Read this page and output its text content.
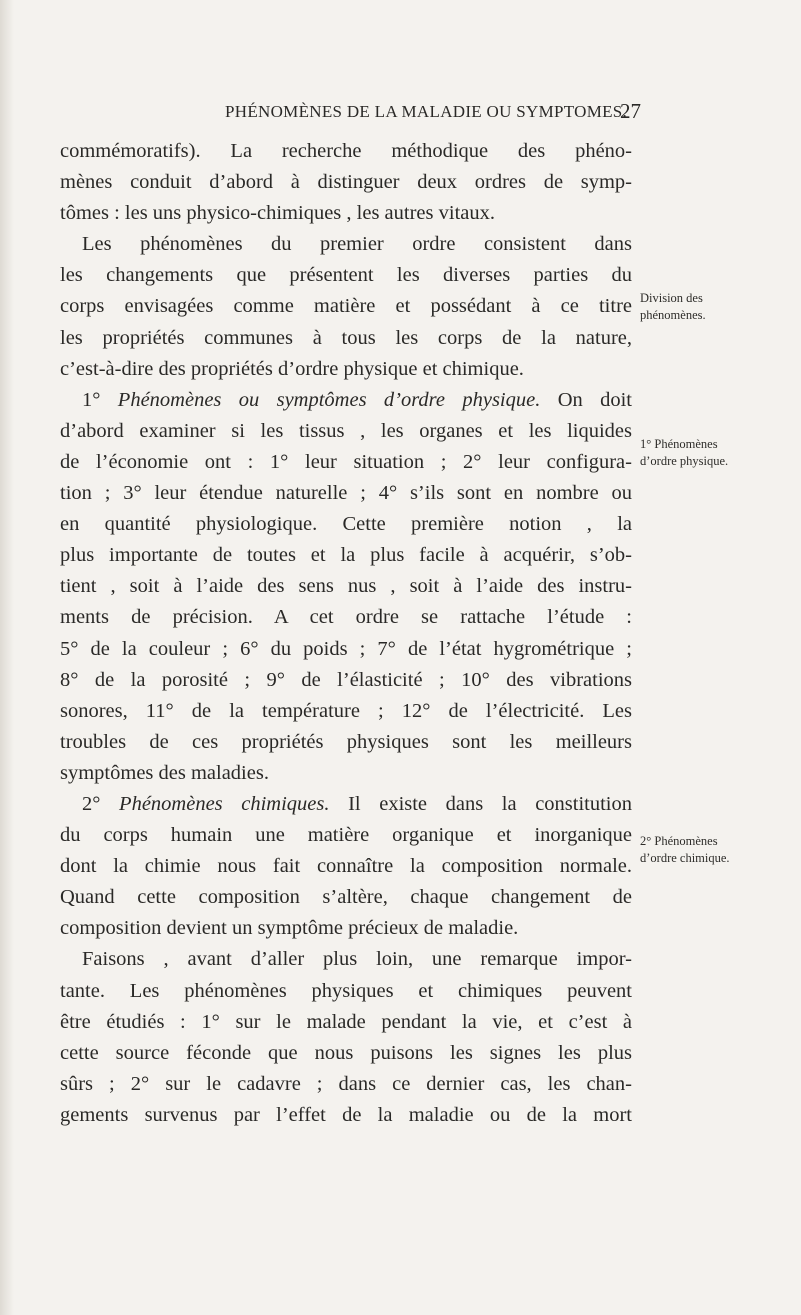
PHÉNOMÈNES DE LA MALADIE OU SYMPTOMES.
27
commémoratifs). La recherche méthodique des phéno-
mènes conduit d’abord à distinguer deux ordres de symp-
tômes : les uns physico-chimiques , les autres vitaux.
Les phénomènes du premier ordre consistent dans
les changements que présentent les diverses parties du
corps envisagées comme matière et possédant à ce titre
les propriétés communes à tous les corps de la nature,
c’est-à-dire des propriétés d’ordre physique et chimique.
1° Phénomènes ou symptômes d’ordre physique. On doit
d’abord examiner si les tissus , les organes et les liquides
de l’économie ont : 1° leur situation ; 2° leur configura-
tion ; 3° leur étendue naturelle ; 4° s’ils sont en nombre ou
en quantité physiologique. Cette première notion , la
plus importante de toutes et la plus facile à acquérir, s’ob-
tient , soit à l’aide des sens nus , soit à l’aide des instru-
ments de précision. A cet ordre se rattache l’étude :
5° de la couleur ; 6° du poids ; 7° de l’état hygrométrique ;
8° de la porosité ; 9° de l’élasticité ; 10° des vibrations
sonores, 11° de la température ; 12° de l’électricité. Les
troubles de ces propriétés physiques sont les meilleurs
symptômes des maladies.
2° Phénomènes chimiques. Il existe dans la constitution
du corps humain une matière organique et inorganique
dont la chimie nous fait connaître la composition normale.
Quand cette composition s’altère, chaque changement de
composition devient un symptôme précieux de maladie.
Faisons , avant d’aller plus loin, une remarque impor-
tante. Les phénomènes physiques et chimiques peuvent
être étudiés : 1° sur le malade pendant la vie, et c’est à
cette source féconde que nous puisons les signes les plus
sûrs ; 2° sur le cadavre ; dans ce dernier cas, les chan-
gements survenus par l’effet de la maladie ou de la mort
Division des
phénomènes.
1° Phénomènes
d’ordre physique.
2° Phénomènes
d’ordre chimique.
